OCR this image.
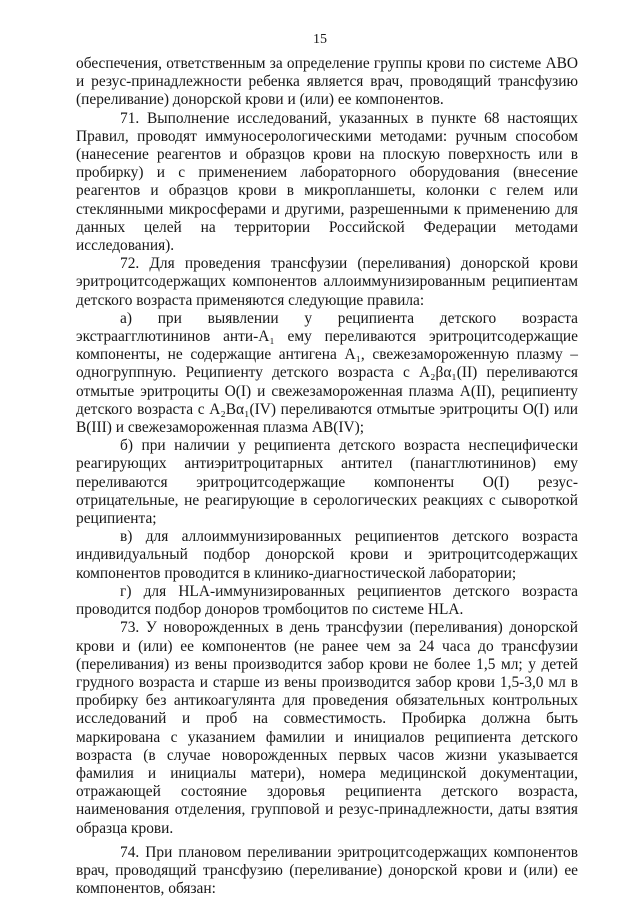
15

обеспечения, ответственным за определение группы крови по системе АВО и резус-принадлежности ребенка является врач, проводящий трансфузию (переливание) донорской крови и (или) ее компонентов.

71. Выполнение исследований, указанных в пункте 68 настоящих Правил, проводят иммуносерологическими методами: ручным способом (нанесение реагентов и образцов крови на плоскую поверхность или в пробирку) и с применением лабораторного оборудования (внесение реагентов и образцов крови в микропланшеты, колонки с гелем или стеклянными микросферами и другими, разрешенными к применению для данных целей на территории Российской Федерации методами исследования).

72. Для проведения трансфузии (переливания) донорской крови эритроцитсодержащих компонентов аллоиммунизированным реципиентам детского возраста применяются следующие правила:

а) при выявлении у реципиента детского возраста экстраагглютининов анти-A₁ ему переливаются эритроцитсодержащие компоненты, не содержащие антигена A₁, свежезамороженную плазму – одногруппную. Реципиенту детского возраста с A₂βα₁(II) переливаются отмытые эритроциты O(I) и свежезамороженная плазма A(II), реципиенту детского возраста с A₂Bα₁(IV) переливаются отмытые эритроциты O(I) или B(III) и свежезамороженная плазма AB(IV);

б) при наличии у реципиента детского возраста неспецифически реагирующих антиэритроцитарных антител (панагглютининов) ему переливаются эритроцитсодержащие компоненты O(I) резус-отрицательные, не реагирующие в серологических реакциях с сывороткой реципиента;

в) для аллоиммунизированных реципиентов детского возраста индивидуальный подбор донорской крови и эритроцитсодержащих компонентов проводится в клинико-диагностической лаборатории;

г) для HLA-иммунизированных реципиентов детского возраста проводится подбор доноров тромбоцитов по системе HLA.

73. У новорожденных в день трансфузии (переливания) донорской крови и (или) ее компонентов (не ранее чем за 24 часа до трансфузии (переливания) из вены производится забор крови не более 1,5 мл; у детей грудного возраста и старше из вены производится забор крови 1,5-3,0 мл в пробирку без антикоагулянта для проведения обязательных контрольных исследований и проб на совместимость. Пробирка должна быть маркирована с указанием фамилии и инициалов реципиента детского возраста (в случае новорожденных первых часов жизни указывается фамилия и инициалы матери), номера медицинской документации, отражающей состояние здоровья реципиента детского возраста, наименования отделения, групповой и резус-принадлежности, даты взятия образца крови.

74. При плановом переливании эритроцитсодержащих компонентов врач, проводящий трансфузию (переливание) донорской крови и (или) ее компонентов, обязан:
